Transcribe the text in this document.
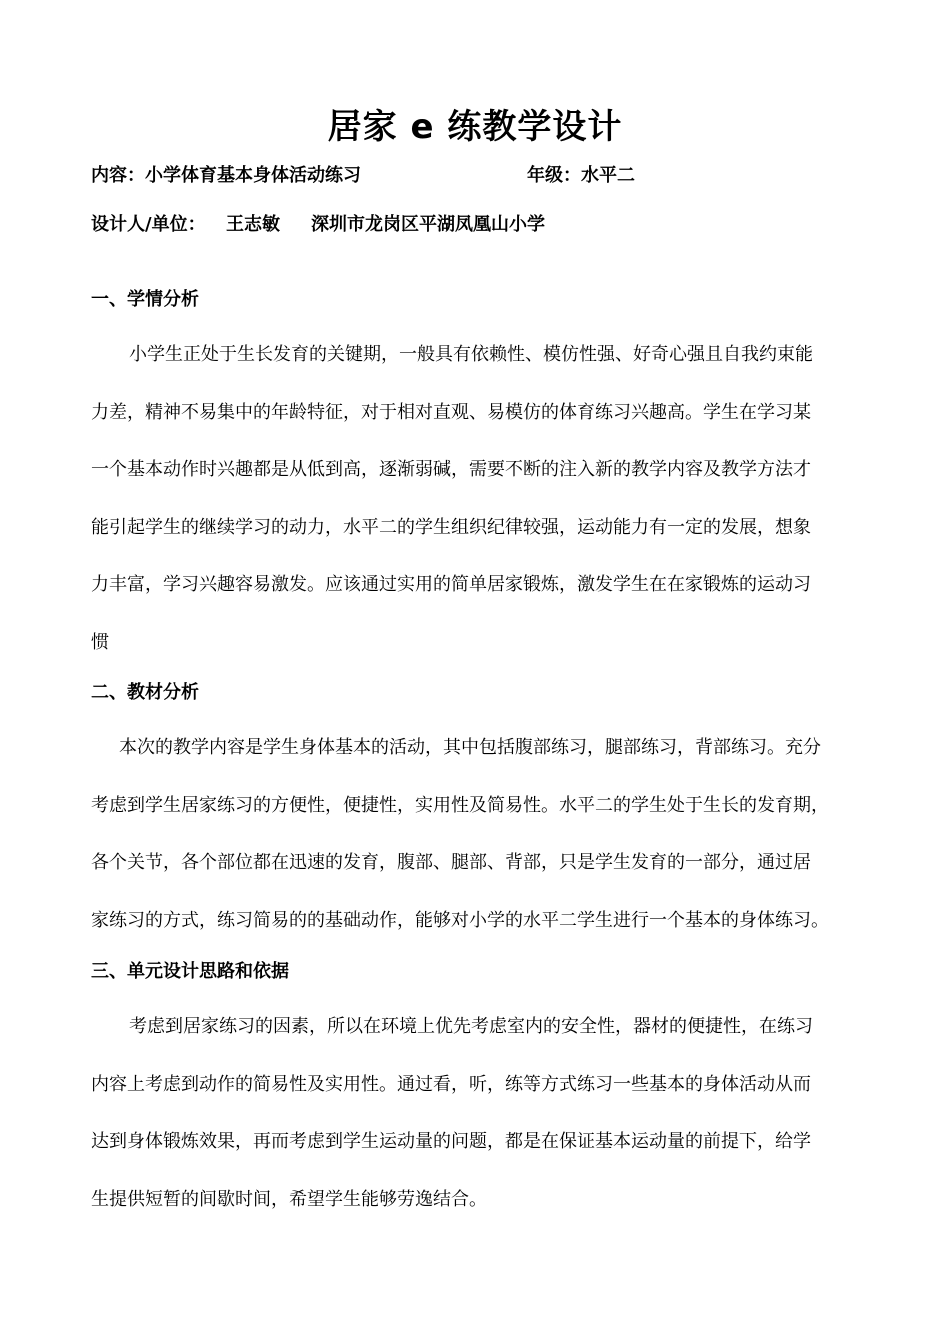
居家 e 练教学设计
内容：小学体育基本身体活动练习	年级：水平二
设计人/单位： 王志敏 深圳市龙岗区平湖凤凰山小学
一、学情分析
小学生正处于生长发育的关键期，一般具有依赖性、模仿性强、好奇心强且自我约束能
力差，精神不易集中的年龄特征，对于相对直观、易模仿的体育练习兴趣高。学生在学习某
一个基本动作时兴趣都是从低到高，逐渐弱碱，需要不断的注入新的教学内容及教学方法才
能引起学生的继续学习的动力，水平二的学生组织纪律较强，运动能力有一定的发展，想象
力丰富，学习兴趣容易激发。应该通过实用的简单居家锻炼，激发学生在在家锻炼的运动习
惯
二、教材分析
本次的教学内容是学生身体基本的活动，其中包括腹部练习，腿部练习，背部练习。充分
考虑到学生居家练习的方便性，便捷性，实用性及简易性。水平二的学生处于生长的发育期，
各个关节，各个部位都在迅速的发育，腹部、腿部、背部，只是学生发育的一部分，通过居
家练习的方式，练习简易的的基础动作，能够对小学的水平二学生进行一个基本的身体练习。
三、单元设计思路和依据
考虑到居家练习的因素，所以在环境上优先考虑室内的安全性，器材的便捷性，在练习
内容上考虑到动作的简易性及实用性。通过看，听，练等方式练习一些基本的身体活动从而
达到身体锻炼效果，再而考虑到学生运动量的问题，都是在保证基本运动量的前提下，给学
生提供短暂的间歇时间，希望学生能够劳逸结合。
